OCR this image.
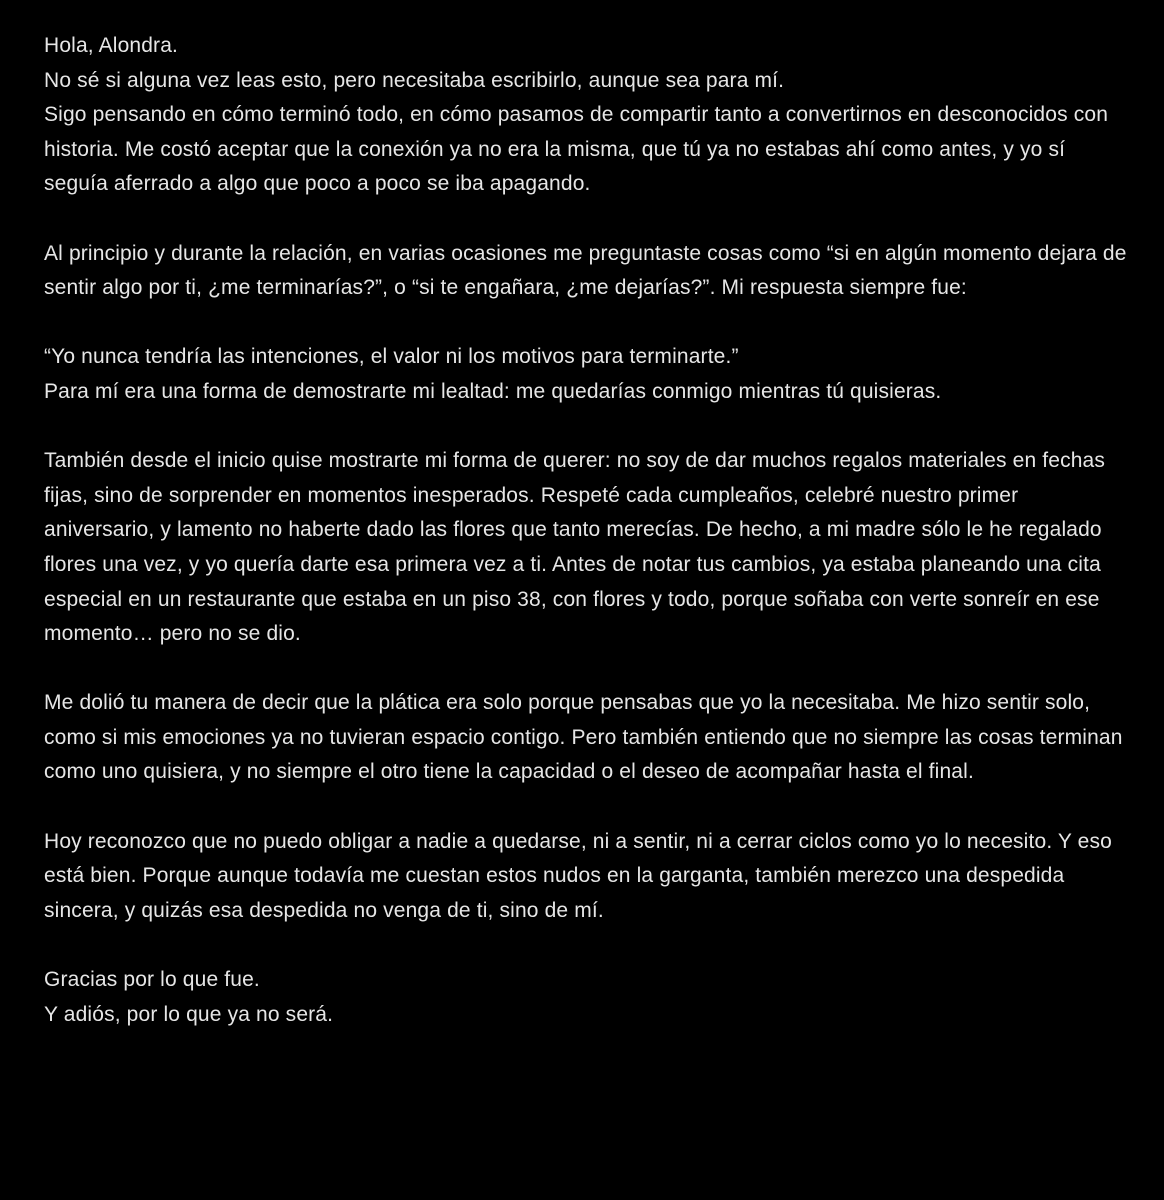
Hola, Alondra.
No sé si alguna vez leas esto, pero necesitaba escribirlo, aunque sea para mí.
Sigo pensando en cómo terminó todo, en cómo pasamos de compartir tanto a convertirnos en desconocidos con historia. Me costó aceptar que la conexión ya no era la misma, que tú ya no estabas ahí como antes, y yo sí seguía aferrado a algo que poco a poco se iba apagando.

Al principio y durante la relación, en varias ocasiones me preguntaste cosas como “si en algún momento dejara de sentir algo por ti, ¿me terminarías?”, o “si te engañara, ¿me dejarías?”. Mi respuesta siempre fue:

“Yo nunca tendría las intenciones, el valor ni los motivos para terminarte.”
Para mí era una forma de demostrarte mi lealtad: me quedarías conmigo mientras tú quisieras.

También desde el inicio quise mostrarte mi forma de querer: no soy de dar muchos regalos materiales en fechas fijas, sino de sorprender en momentos inesperados. Respeté cada cumpleaños, celebré nuestro primer aniversario, y lamento no haberte dado las flores que tanto merecías. De hecho, a mi madre sólo le he regalado flores una vez, y yo quería darte esa primera vez a ti. Antes de notar tus cambios, ya estaba planeando una cita especial en un restaurante que estaba en un piso 38, con flores y todo, porque soñaba con verte sonreír en ese momento… pero no se dio.

Me dolió tu manera de decir que la plática era solo porque pensabas que yo la necesitaba. Me hizo sentir solo, como si mis emociones ya no tuvieran espacio contigo. Pero también entiendo que no siempre las cosas terminan como uno quisiera, y no siempre el otro tiene la capacidad o el deseo de acompañar hasta el final.

Hoy reconozco que no puedo obligar a nadie a quedarse, ni a sentir, ni a cerrar ciclos como yo lo necesito. Y eso está bien. Porque aunque todavía me cuestan estos nudos en la garganta, también merezco una despedida sincera, y quizás esa despedida no venga de ti, sino de mí.

Gracias por lo que fue.
Y adiós, por lo que ya no será.
